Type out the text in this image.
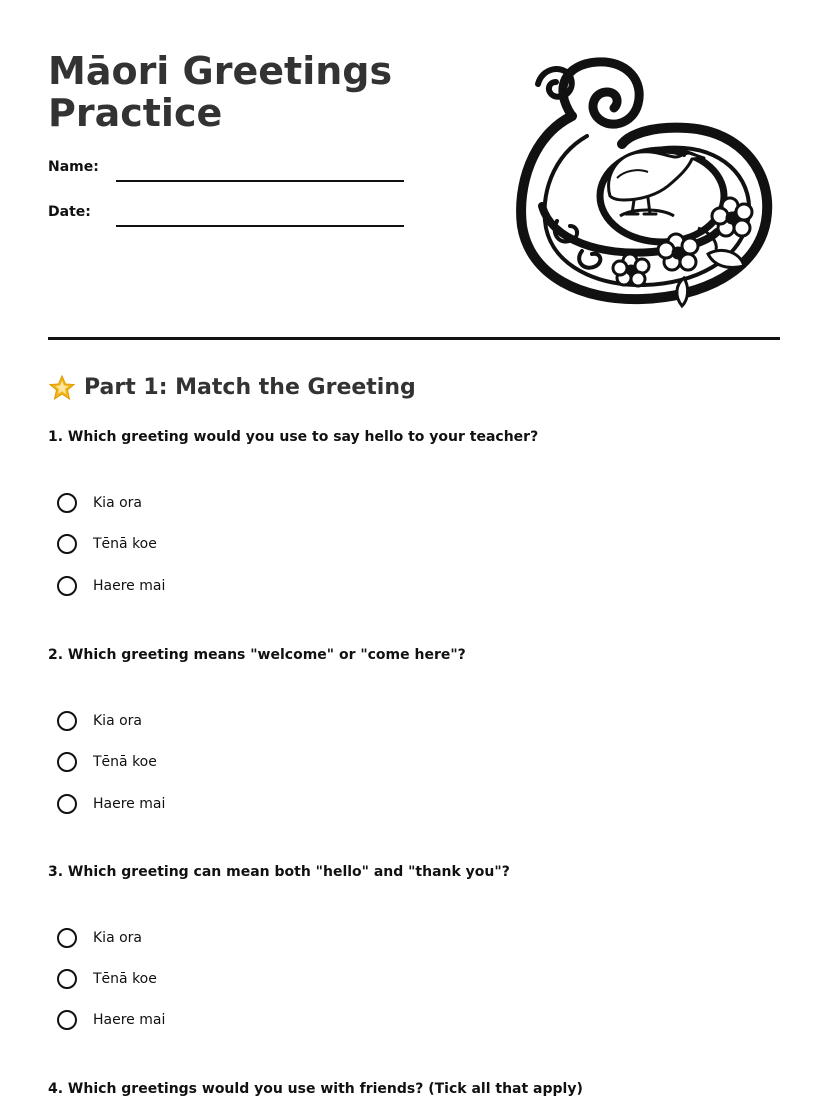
Māori Greetings
Practice
Name:
Date:
Part 1: Match the Greeting

1. Which greeting would you use to say hello to your teacher?

Kia ora
Tēnā koe
Haere mai

2. Which greeting means "welcome" or "come here"?

Kia ora
Tēnā koe
Haere mai

3. Which greeting can mean both "hello" and "thank you"?

Kia ora
Tēnā koe
Haere mai

4. Which greetings would you use with friends? (Tick all that apply)
